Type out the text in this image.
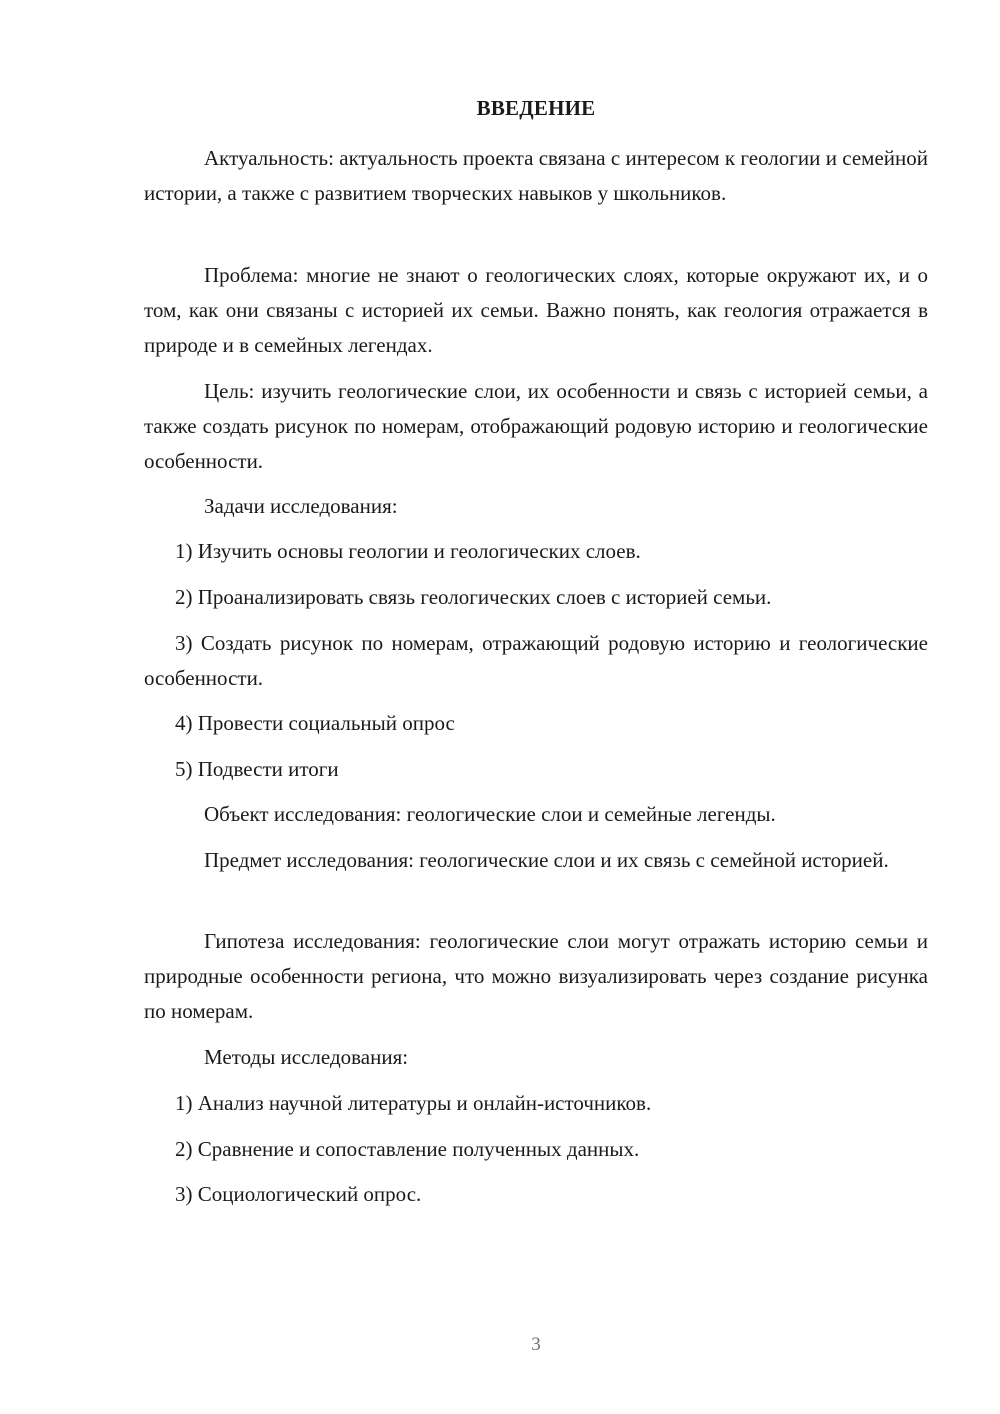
ВВЕДЕНИЕ
Актуальность: актуальность проекта связана с интересом к геологии и семейной истории, а также с развитием творческих навыков у школьников.
Проблема: многие не знают о геологических слоях, которые окружают их, и о том, как они связаны с историей их семьи. Важно понять, как геология отражается в природе и в семейных легендах.
Цель: изучить геологические слои, их особенности и связь с историей семьи, а также создать рисунок по номерам, отображающий родовую историю и геологические особенности.
Задачи исследования:
1) Изучить основы геологии и геологических слоев.
2) Проанализировать связь геологических слоев с историей семьи.
3) Создать рисунок по номерам, отражающий родовую историю и геологические особенности.
4) Провести социальный опрос
5) Подвести итоги
Объект исследования: геологические слои и семейные легенды.
Предмет исследования: геологические слои и их связь с семейной историей.
Гипотеза исследования: геологические слои могут отражать историю семьи и природные особенности региона, что можно визуализировать через создание рисунка по номерам.
Методы исследования:
1) Анализ научной литературы и онлайн-источников.
2) Сравнение и сопоставление полученных данных.
3) Социологический опрос.
3
